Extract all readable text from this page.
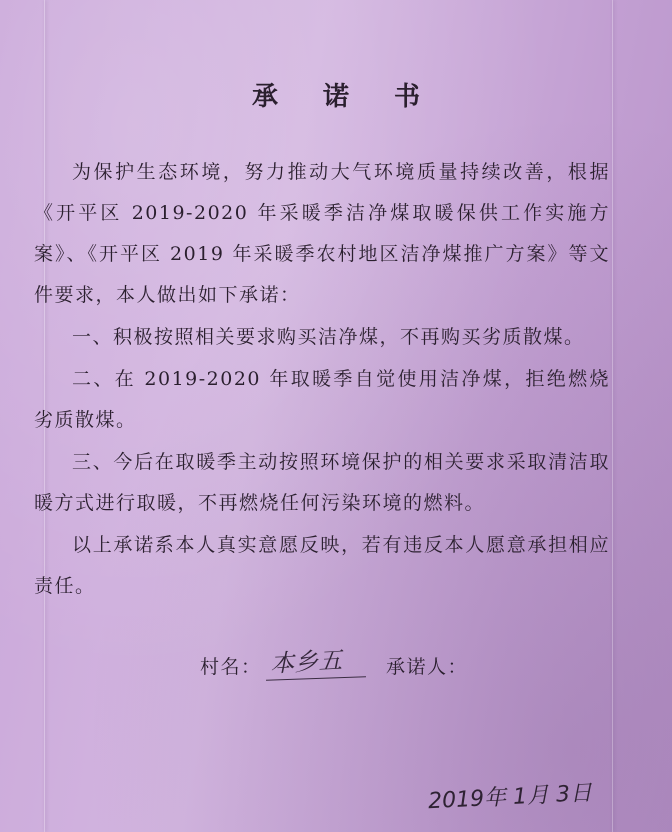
承 诺 书
为保护生态环境，努力推动大气环境质量持续改善，根据《开平区 2019-2020 年采暖季洁净煤取暖保供工作实施方案》、《开平区 2019 年采暖季农村地区洁净煤推广方案》等文件要求，本人做出如下承诺：
一、积极按照相关要求购买洁净煤，不再购买劣质散煤。
二、在 2019-2020 年取暖季自觉使用洁净煤，拒绝燃烧劣质散煤。
三、今后在取暖季主动按照环境保护的相关要求采取清洁取暖方式进行取暖，不再燃烧任何污染环境的燃料。
以上承诺系本人真实意愿反映，若有违反本人愿意承担相应责任。
村名： 本乡五 承诺人：
2019年 1月 3日
